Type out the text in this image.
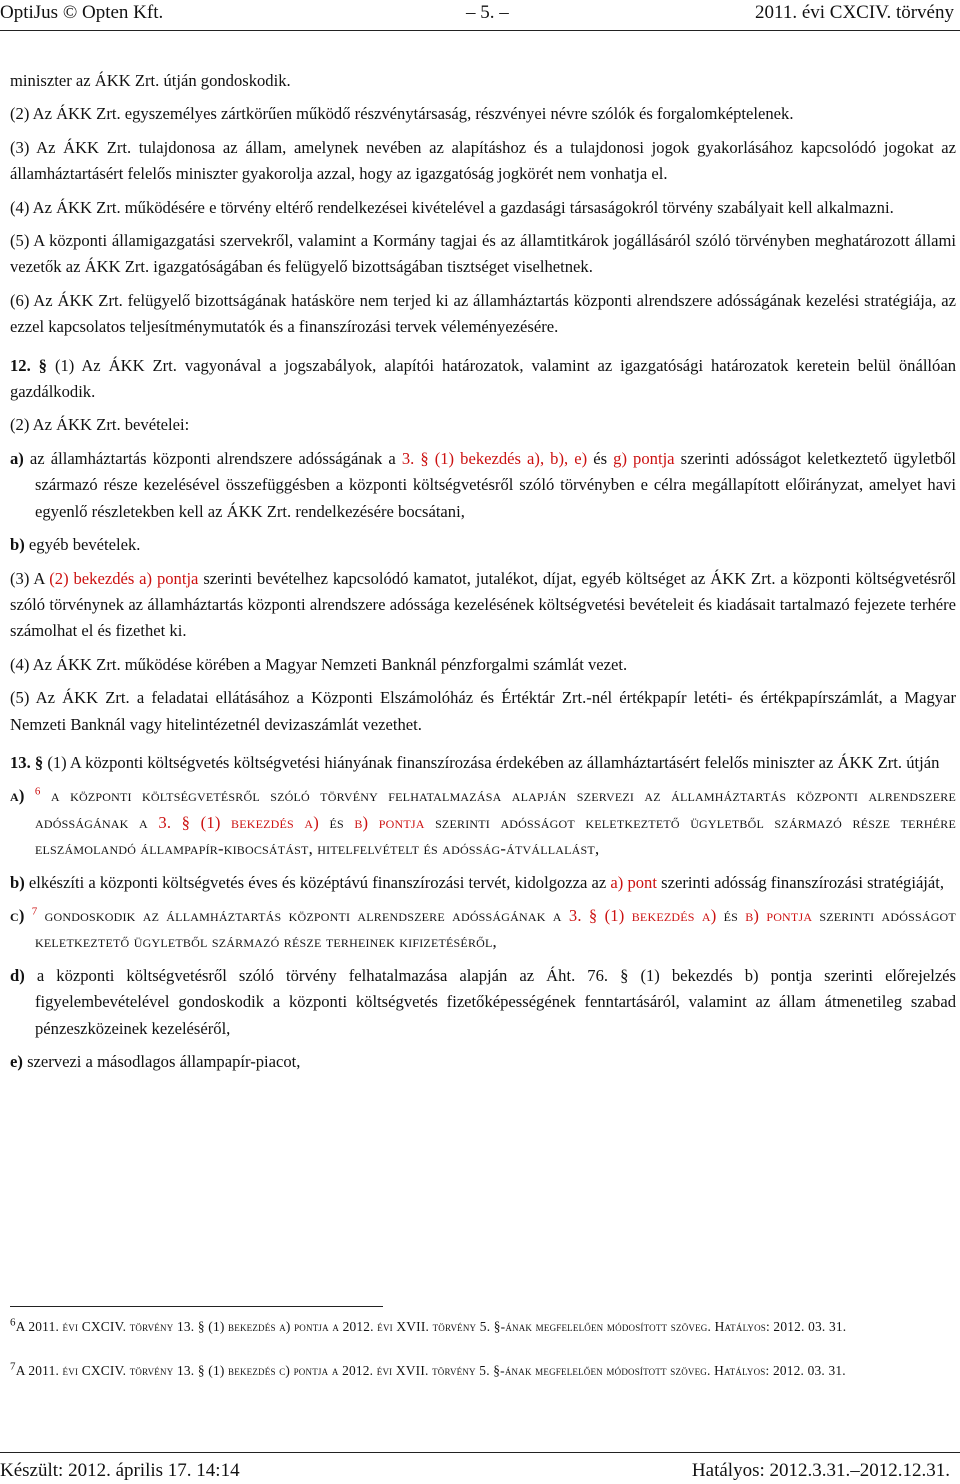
OptiJus © Opten Kft.	– 5. –	2011. évi CXCIV. törvény

miniszter az ÁKK Zrt. útján gondoskodik.

(2) Az ÁKK Zrt. egyszemélyes zártkörűen működő részvénytársaság, részvényei névre szólók és forgalomképtelenek.

(3) Az ÁKK Zrt. tulajdonosa az állam, amelynek nevében az alapításhoz és a tulajdonosi jogok gyakorlásához kapcsolódó jogokat az államháztartásért felelős miniszter gyakorolja azzal, hogy az igazgatóság jogkörét nem vonhatja el.

(4) Az ÁKK Zrt. működésére e törvény eltérő rendelkezései kivételével a gazdasági társaságokról törvény szabályait kell alkalmazni.

(5) A központi államigazgatási szervekről, valamint a Kormány tagjai és az államtitkárok jogállásáról szóló törvényben meghatározott állami vezetők az ÁKK Zrt. igazgatóságában és felügyelő bizottságában tisztséget viselhetnek.

(6) Az ÁKK Zrt. felügyelő bizottságának hatásköre nem terjed ki az államháztartás központi alrendszere adósságának kezelési stratégiája, az ezzel kapcsolatos teljesítménymutatók és a finanszírozási tervek véleményezésére.

12. § (1) Az ÁKK Zrt. vagyonával a jogszabályok, alapítói határozatok, valamint az igazgatósági határozatok keretein belül önállóan gazdálkodik.

(2) Az ÁKK Zrt. bevételei:

a) az államháztartás központi alrendszere adósságának a 3. § (1) bekezdés a), b), e) és g) pontja szerinti adósságot keletkeztető ügyletből származó része kezelésével összefüggésben a központi költségvetésről szóló törvényben e célra megállapított előirányzat, amelyet havi egyenlő részletekben kell az ÁKK Zrt. rendelkezésére bocsátani,

b) egyéb bevételek.

(3) A (2) bekezdés a) pontja szerinti bevételhez kapcsolódó kamatot, jutalékot, díjat, egyéb költséget az ÁKK Zrt. a központi költségvetésről szóló törvénynek az államháztartás központi alrendszere adóssága kezelésének költségvetési bevételeit és kiadásait tartalmazó fejezete terhére számolhat el és fizethet ki.

(4) Az ÁKK Zrt. működése körében a Magyar Nemzeti Banknál pénzforgalmi számlát vezet.

(5) Az ÁKK Zrt. a feladatai ellátásához a Központi Elszámolóház és Értéktár Zrt.-nél értékpapír letéti- és értékpapírszámlát, a Magyar Nemzeti Banknál vagy hitelintézetnél devizaszámlát vezethet.

13. § (1) A központi költségvetés költségvetési hiányának finanszírozása érdekében az államháztartásért felelős miniszter az ÁKK Zrt. útján

a) $^6$ a központi költségvetésről szóló törvény felhatalmazása alapján szervezi az államháztartás központi alrendszere adósságának a 3. § (1) bekezdés a) és b) pontja szerinti adósságot keletkeztető ügyletből származó része terhére elszámolandó állampapír-kibocsátást, hitelfelvételt és adósság-átvállalást,

b) elkészíti a központi költségvetés éves és középtávú finanszírozási tervét, kidolgozza az a) pont szerinti adósság finanszírozási stratégiáját,

c) $^7$ gondoskodik az államháztartás központi alrendszere adósságának a 3. § (1) bekezdés a) és b) pontja szerinti adósságot keletkeztető ügyletből származó része terheinek kifizetéséről,

d) a központi költségvetésről szóló törvény felhatalmazása alapján az Áht. 76. § (1) bekezdés b) pontja szerinti előrejelzés figyelembevételével gondoskodik a központi költségvetés fizetőképességének fenntartásáról, valamint az állam átmenetileg szabad pénzeszközeinek kezeléséről,

e) szervezi a másodlagos állampapír-piacot,

$^6$A 2011. évi CXCIV. törvény 13. § (1) bekezdés a) pontja a 2012. évi XVII. törvény 5. §-ának megfelelően módosított szöveg. Hatályos: 2012. 03. 31.
$^7$A 2011. évi CXCIV. törvény 13. § (1) bekezdés c) pontja a 2012. évi XVII. törvény 5. §-ának megfelelően módosított szöveg. Hatályos: 2012. 03. 31.
Készült: 2012. április 17. 14:14	Hatályos: 2012.3.31.–2012.12.31.
